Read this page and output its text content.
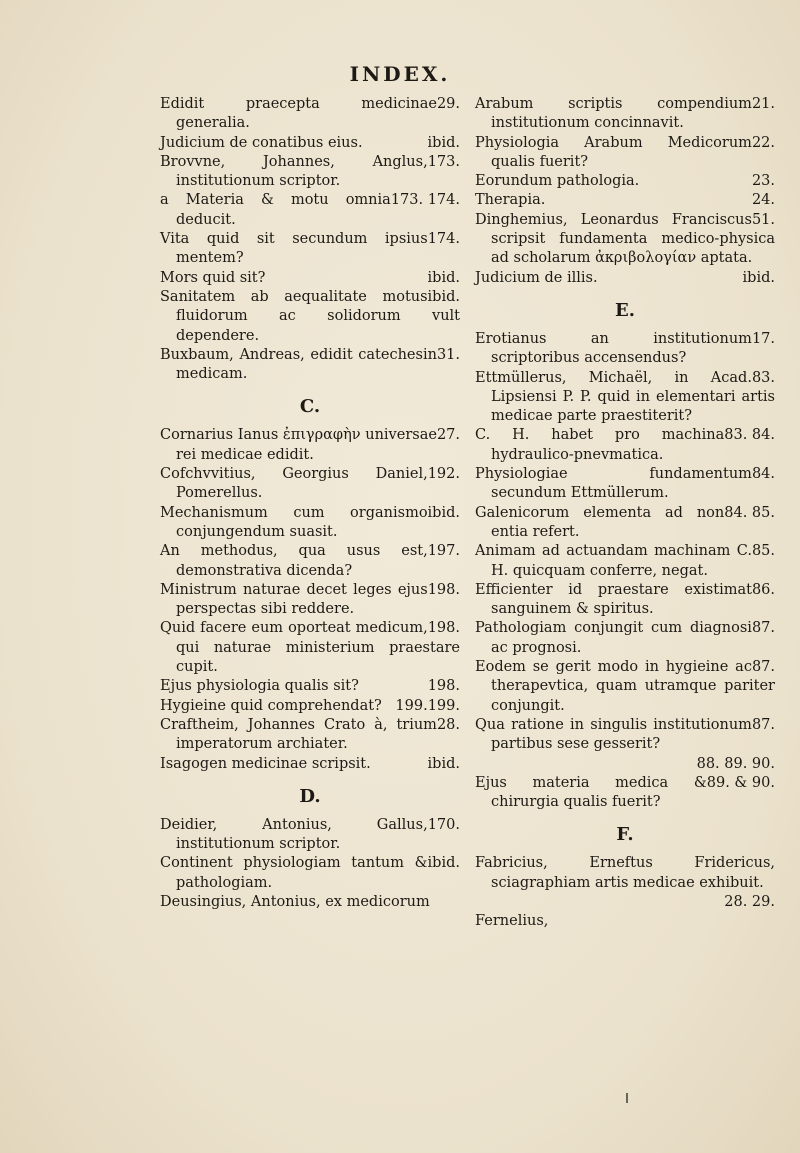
INDEX.
29.
Edidit praecepta medicinae generalia.
ibid.
Judicium de conatibus eius.
173.
Brovvne, Johannes, Anglus, institutionum scriptor.
173. 174.
a Materia & motu omnia deducit.
174.
Vita quid sit secundum ipsius mentem?
ibid.
Mors quid sit?
ibid.
Sanitatem ab aequalitate motus fluidorum ac solidorum vult dependere.
31.
Buxbaum, Andreas, edidit catechesin medicam.
C.
27.
Cornarius Ianus ἐπιγραφὴν universae rei medicae edidit.
192.
Cofchvvitius, Georgius Daniel, Pomerellus.
ibid.
Mechanismum cum organismo conjungendum suasit.
197.
An methodus, qua usus est, demonstrativa dicenda?
198.
Ministrum naturae decet leges ejus perspectas sibi reddere.
198.
Quid facere eum oporteat medicum, qui naturae ministerium praestare cupit.
198.
Ejus physiologia qualis sit?
199.
199.
Hygieine quid comprehendat?
28.
Craftheim, Johannes Crato à, trium imperatorum archiater.
ibid.
Isagogen medicinae scripsit.
D.
170.
Deidier, Antonius, Gallus, institutionum scriptor.
ibid.
Continent physiologiam tantum & pathologiam.
Deusingius, Antonius, ex medicorum
21.
Arabum scriptis compendium institutionum concinnavit.
22.
Physiologia Arabum Medicorum qualis fuerit?
23.
Eorundum pathologia.
24.
Therapia.
51.
Dinghemius, Leonardus Franciscus scripsit fundamenta medico-physica ad scholarum ἀκριβολογίαν aptata.
ibid.
Judicium de illis.
E.
17.
Erotianus an institutionum scriptoribus accensendus?
83.
Ettmüllerus, Michaël, in Acad. Lipsiensi P. P. quid in elementari artis medicae parte praestiterit?
83. 84.
C. H. habet pro machina hydraulico-pnevmatica.
84.
Physiologiae fundamentum secundum Ettmüllerum.
84. 85.
Galenicorum elementa ad non entia refert.
85.
Animam ad actuandam machinam C. H. quicquam conferre, negat.
86.
Efficienter id praestare existimat sanguinem & spiritus.
87.
Pathologiam conjungit cum diagnosi ac prognosi.
87.
Eodem se gerit modo in hygieine ac therapevtica, quam utramque pariter conjungit.
87.
Qua ratione in singulis institutionum partibus sese gesserit?
88. 89. 90.
89. & 90.
Ejus materia medica & chirurgia qualis fuerit?
F.
Fabricius, Erneftus Fridericus, sciagraphiam artis medicae exhibuit.
28. 29.
Fernelius,
